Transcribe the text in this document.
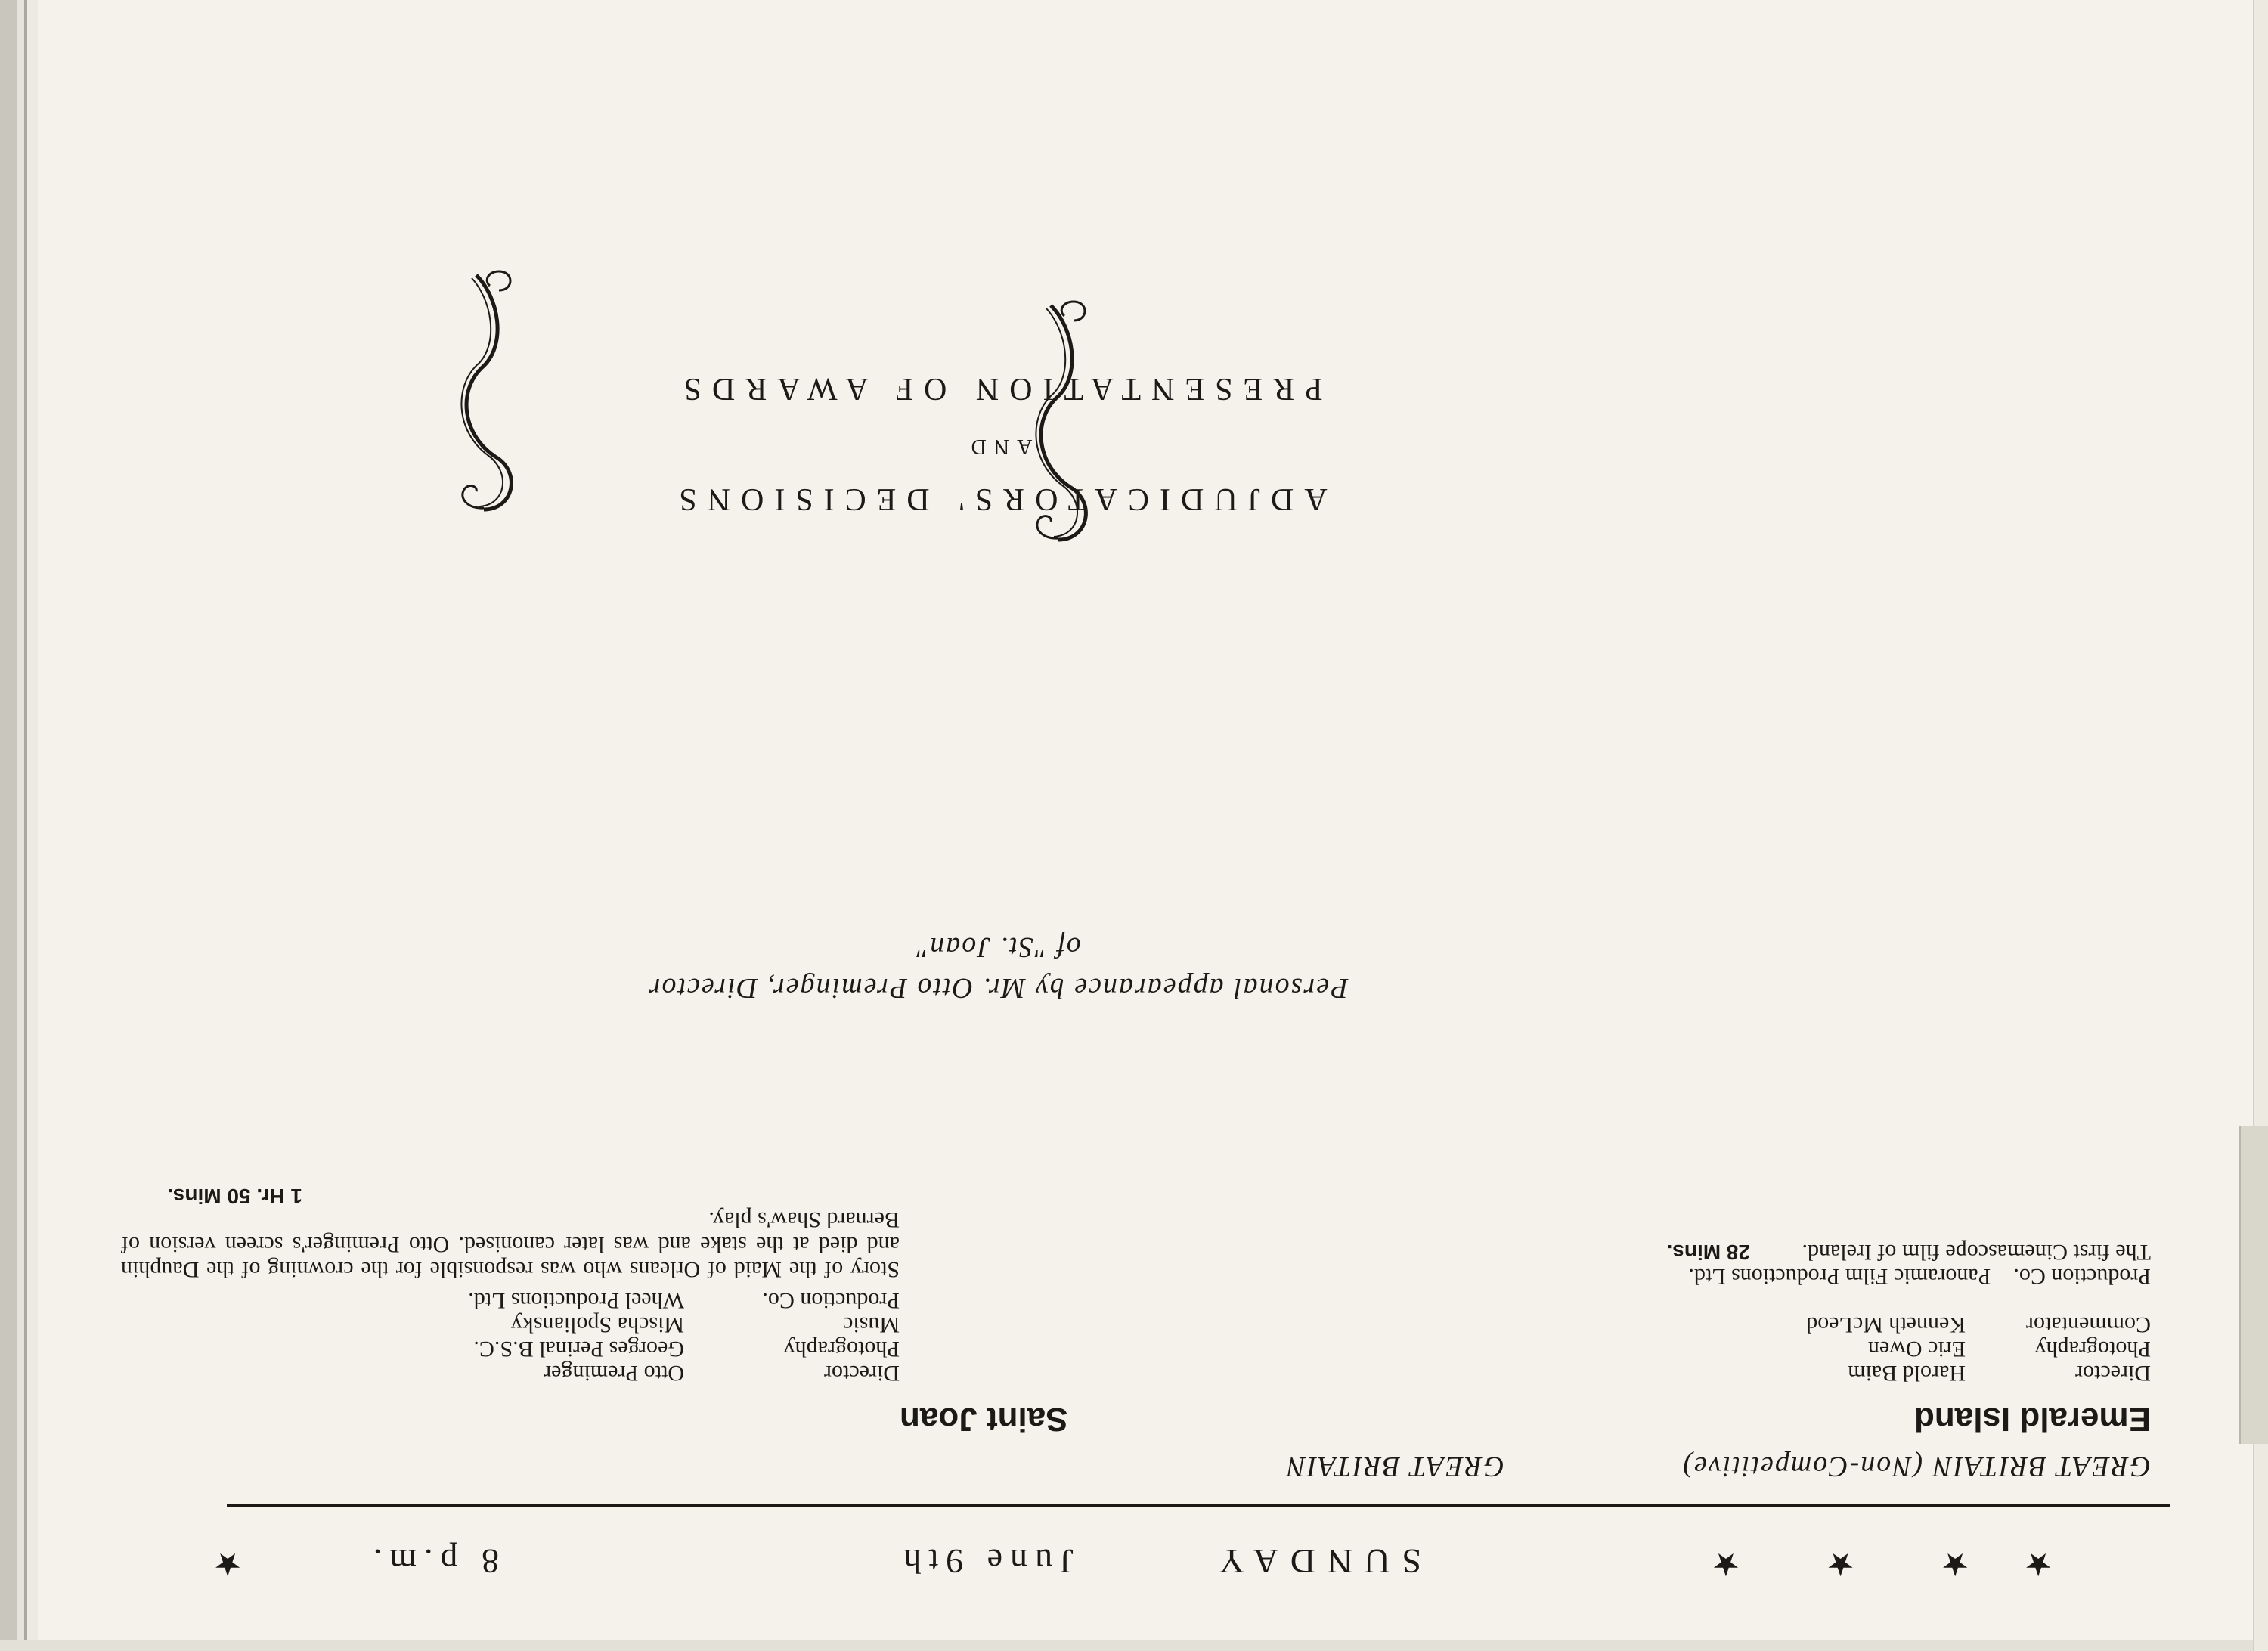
★
SUNDAY
June 9th
8 p.m.
★	★ ★ ★

GREAT BRITAIN (Non-Competitive)

Emerald Island

Director
Harold Baim
Photography
Eric Owen
Commentator
Kenneth McLeod
Production Co.    Panoramic Film Productions Ltd.
The first Cinemascope film of Ireland.
28 Mins.

GREAT BRITAIN

Saint Joan

Director
Otto Preminger
Photography
Georges Perinal B.S.C.
Music
Mischa Spoliansky
Production Co.
Wheel Productions Ltd.
Story of the Maid of Orleans who was responsible for the crowning of the Dauphin and died at the stake and was later canonised. Otto Preminger's screen version of Bernard Shaw's play.

1 Hr. 50 Mins.

Personal appearance by Mr. Otto Preminger, Director
of "St. Joan"
ADJUDICATORS' DECISIONS
AND
PRESENTATION OF AWARDS
